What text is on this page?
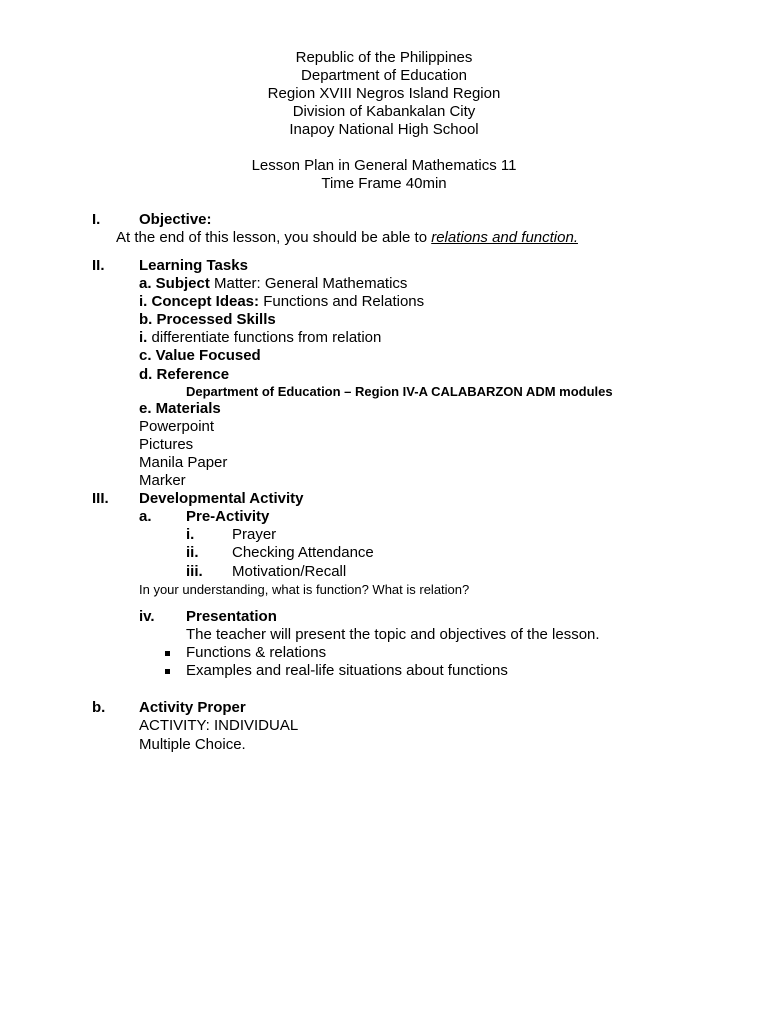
Republic of the Philippines
Department of Education
Region XVIII Negros Island Region
Division of Kabankalan City
Inapoy National High School
Lesson Plan in General Mathematics 11
Time Frame 40min
I.	Objective:
At the end of this lesson, you should be able to relations and function.
II. Learning Tasks
a. Subject Matter: General Mathematics
i. Concept Ideas: Functions and Relations
b. Processed Skills
i. differentiate functions from relation
c. Value Focused
d. Reference
Department of Education – Region IV-A CALABARZON ADM modules
e. Materials
Powerpoint
Pictures
Manila Paper
Marker
III. Developmental Activity
a. Pre-Activity
i.	Prayer
ii. Checking Attendance
iii. Motivation/Recall
In your understanding, what is function? What is relation?
iv. Presentation
The teacher will present the topic and objectives of the lesson.
Functions & relations
Examples and real-life situations about functions
b. Activity Proper
ACTIVITY: INDIVIDUAL
Multiple Choice.
